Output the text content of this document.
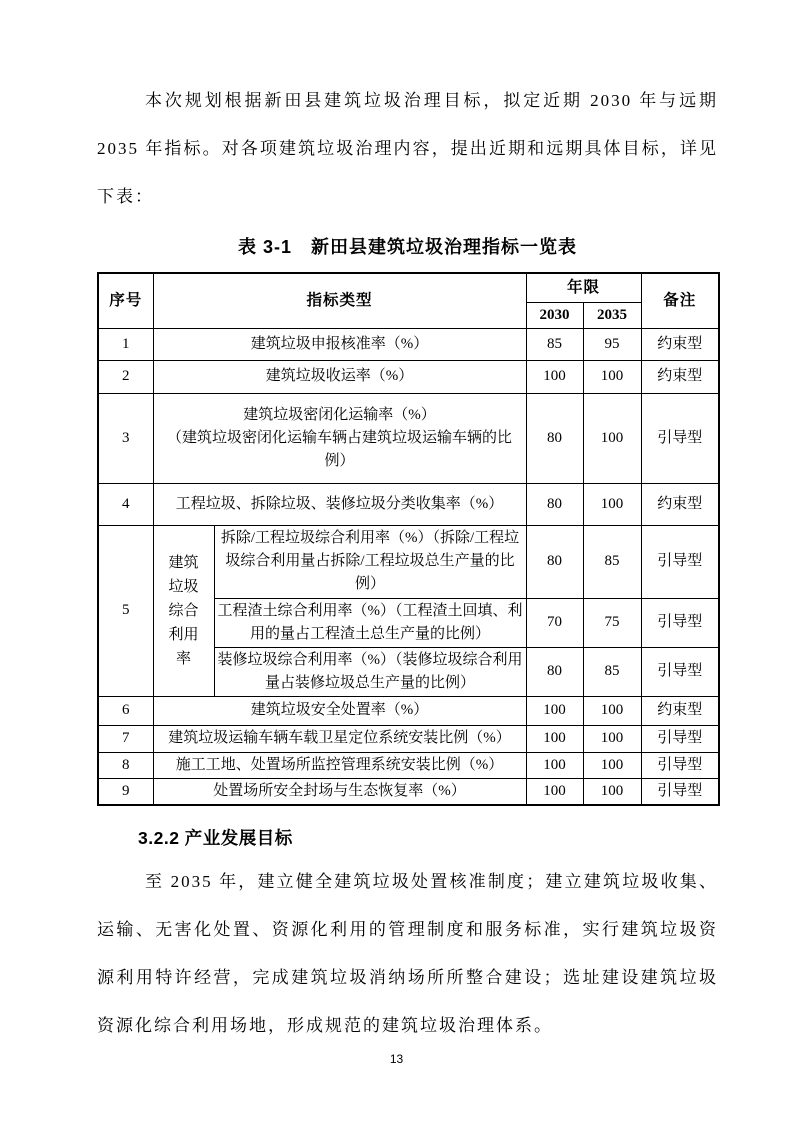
本次规划根据新田县建筑垃圾治理目标，拟定近期 2030 年与远期 2035 年指标。对各项建筑垃圾治理内容，提出近期和远期具体目标，详见下表：

表 3-1　新田县建筑垃圾治理指标一览表
序号	指标类型		年限		备注
			2030	2035	
1	建筑垃圾申报核准率（%）		85	95	约束型
2	建筑垃圾收运率（%）		100	100	约束型
3	建筑垃圾密闭化运输率（%）
（建筑垃圾密闭化运输车辆占建筑垃圾运输车辆的比例）		80	100	引导型
4	工程垃圾、拆除垃圾、装修垃圾分类收集率（%）		80	100	约束型
5	建筑垃圾综合利用率	拆除/工程垃圾综合利用率（%）（拆除/工程垃圾综合利用量占拆除/工程垃圾总生产量的比例）	80	85	引导型
		工程渣土综合利用率（%）（工程渣土回填、利用的量占工程渣土总生产量的比例）	70	75	引导型
		装修垃圾综合利用率（%）（装修垃圾综合利用量占装修垃圾总生产量的比例）	80	85	引导型
6	建筑垃圾安全处置率（%）		100	100	约束型
7	建筑垃圾运输车辆车载卫星定位系统安装比例（%）		100	100	引导型
8	施工工地、处置场所监控管理系统安装比例（%）		100	100	引导型
9	处置场所安全封场与生态恢复率（%）		100	100	引导型
3.2.2 产业发展目标

至 2035 年，建立健全建筑垃圾处置核准制度；建立建筑垃圾收集、运输、无害化处置、资源化利用的管理制度和服务标准，实行建筑垃圾资源利用特许经营，完成建筑垃圾消纳场所所整合建设；选址建设建筑垃圾资源化综合利用场地，形成规范的建筑垃圾治理体系。

13
